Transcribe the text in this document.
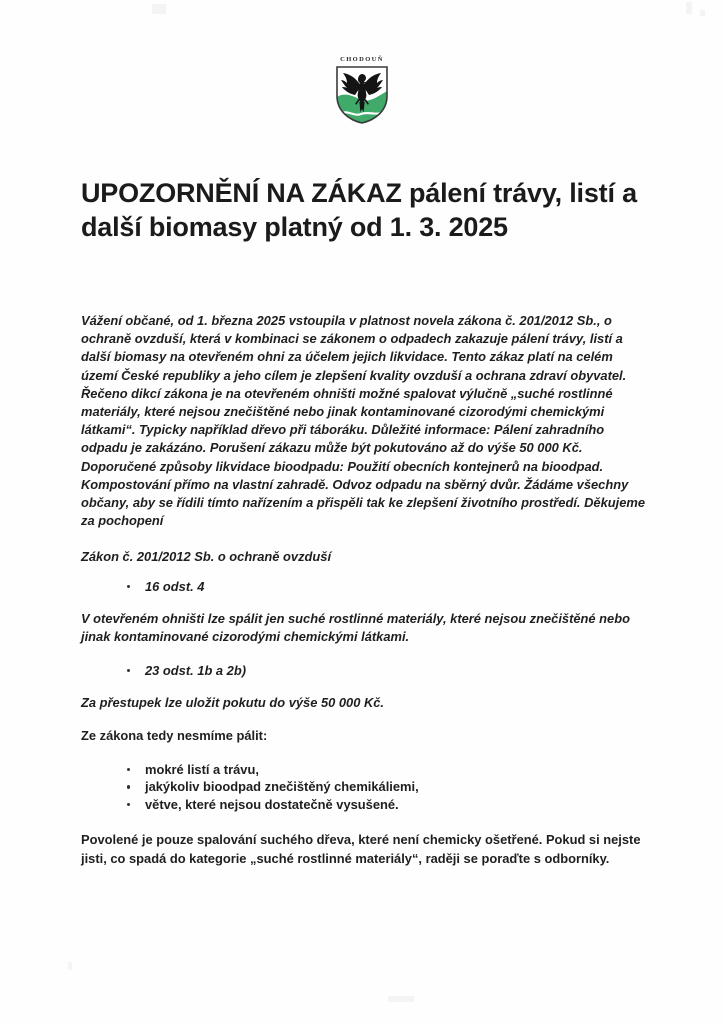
CHODOUŇ
UPOZORNĚNÍ NA ZÁKAZ pálení trávy, listí a další biomasy platný od 1. 3. 2025

Vážení občané, od 1. března 2025 vstoupila v platnost novela zákona č. 201/2012 Sb., o ochraně ovzduší, která v kombinaci se zákonem o odpadech zakazuje pálení trávy, listí a další biomasy na otevřeném ohni za účelem jejich likvidace. Tento zákaz platí na celém území České republiky a jeho cílem je zlepšení kvality ovzduší a ochrana zdraví obyvatel. Řečeno dikcí zákona je na otevřeném ohništi možné spalovat výlučně „suché rostlinné materiály, které nejsou znečištěné nebo jinak kontaminované cizorodými chemickými látkami“. Typicky například dřevo při táboráku. Důležité informace: Pálení zahradního odpadu je zakázáno. Porušení zákazu může být pokutováno až do výše 50 000 Kč. Doporučené způsoby likvidace bioodpadu: Použití obecních kontejnerů na bioodpad. Kompostování přímo na vlastní zahradě. Odvoz odpadu na sběrný dvůr. Žádáme všechny občany, aby se řídili tímto nařízením a přispěli tak ke zlepšení životního prostředí. Děkujeme za pochopení

Zákon č. 201/2012 Sb. o ochraně ovzduší

16 odst. 4

V otevřeném ohništi lze spálit jen suché rostlinné materiály, které nejsou znečištěné nebo jinak kontaminované cizorodými chemickými látkami.

23 odst. 1b a 2b)

Za přestupek lze uložit pokutu do výše 50 000 Kč.

Ze zákona tedy nesmíme pálit:

mokré listí a trávu,
jakýkoliv bioodpad znečištěný chemikáliemi,
větve, které nejsou dostatečně vysušené.

Povolené je pouze spalování suchého dřeva, které není chemicky ošetřené. Pokud si nejste jisti, co spadá do kategorie „suché rostlinné materiály“, raději se poraďte s odborníky.
